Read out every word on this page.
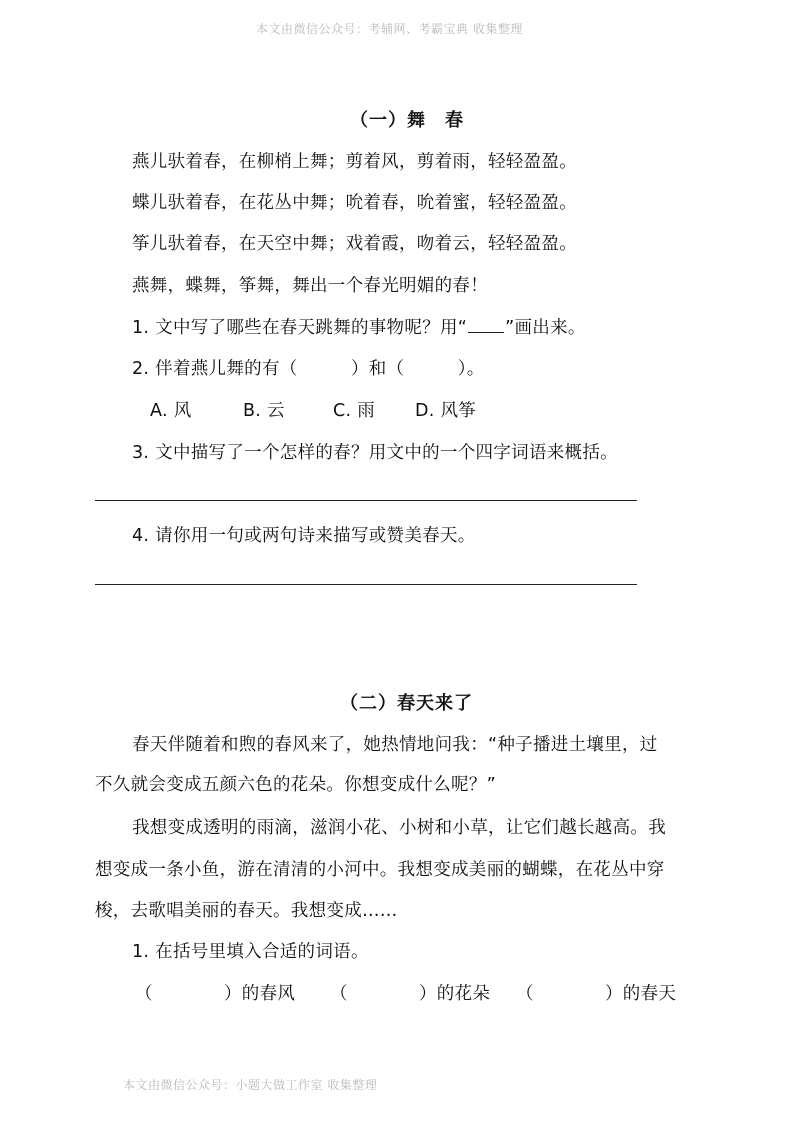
本文由微信公众号：考辅网、考霸宝典 收集整理
（一）舞　春
燕儿驮着春，在柳梢上舞；剪着风，剪着雨，轻轻盈盈。
蝶儿驮着春，在花丛中舞；吮着春，吮着蜜，轻轻盈盈。
筝儿驮着春，在天空中舞；戏着霞，吻着云，轻轻盈盈。
燕舞，蝶舞，筝舞，舞出一个春光明媚的春！
1. 文中写了哪些在春天跳舞的事物呢？用“ ”画出来。
2. 伴着燕儿舞的有（　　　）和（　　　）。
A. 风	B. 云	C. 雨 D. 风筝
3. 文中描写了一个怎样的春？用文中的一个四字词语来概括。
4. 请你用一句或两句诗来描写或赞美春天。
（二）春天来了
春天伴随着和煦的春风来了，她热情地问我：“种子播进土壤里，过
不久就会变成五颜六色的花朵。你想变成什么呢？”
我想变成透明的雨滴，滋润小花、小树和小草，让它们越长越高。我
想变成一条小鱼，游在清清的小河中。我想变成美丽的蝴蝶，在花丛中穿
梭，去歌唱美丽的春天。我想变成……
1. 在括号里填入合适的词语。
（　　　　）的春风 （　　　　）的花朵 （　　　　）的春天
本文由微信公众号：小题大做工作室 收集整理
